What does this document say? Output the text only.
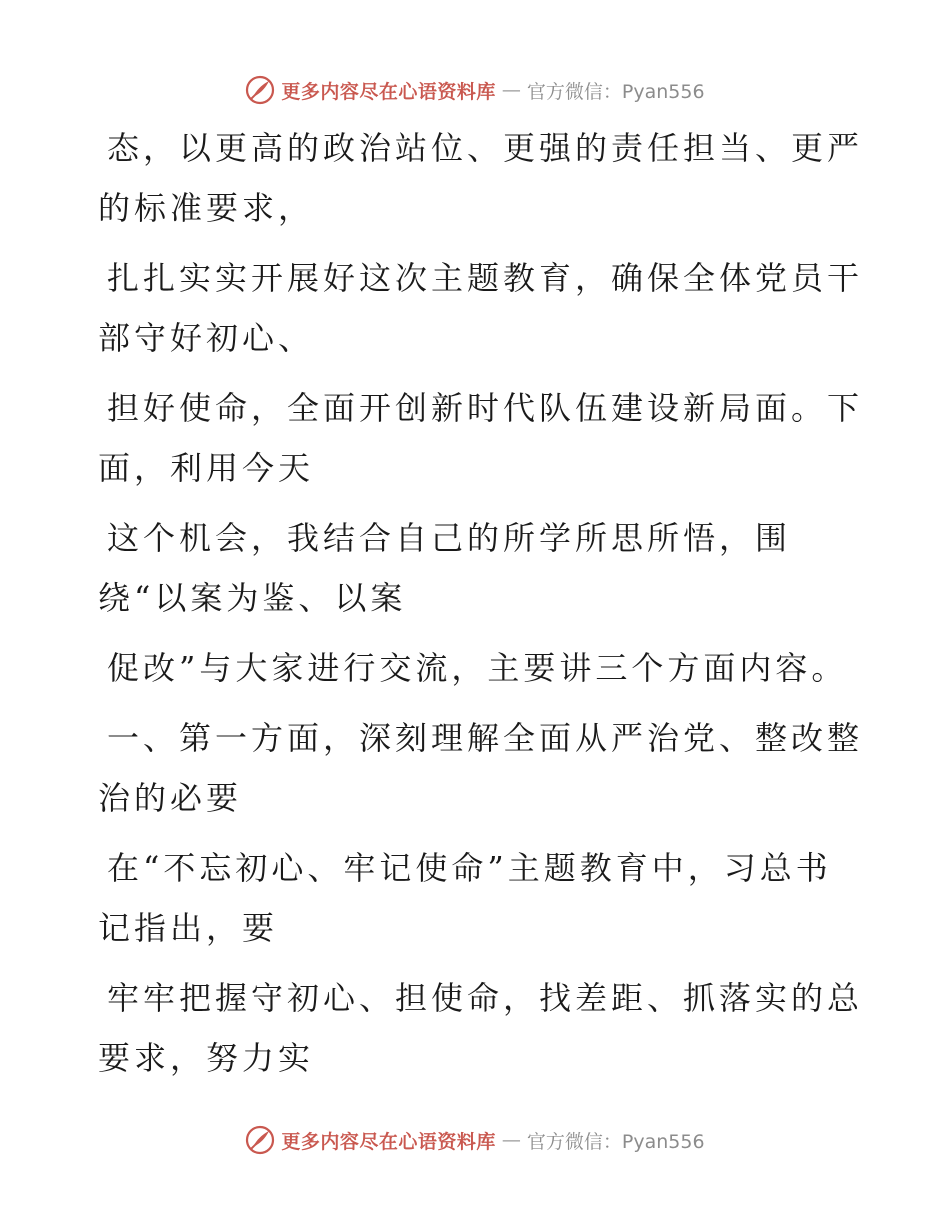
更多内容尽在心语资料库 — 官方微信：Pyan556
态，以更高的政治站位、更强的责任担当、更严
的标准要求，
扎扎实实开展好这次主题教育，确保全体党员干
部守好初心、
担好使命，全面开创新时代队伍建设新局面。下
面，利用今天
这个机会，我结合自己的所学所思所悟，围
绕“以案为鉴、以案
促改”与大家进行交流，主要讲三个方面内容。
一、第一方面，深刻理解全面从严治党、整改整
治的必要
在“不忘初心、牢记使命”主题教育中，习总书
记指出，要
牢牢把握守初心、担使命，找差距、抓落实的总
要求，努力实
更多内容尽在心语资料库 — 官方微信：Pyan556
